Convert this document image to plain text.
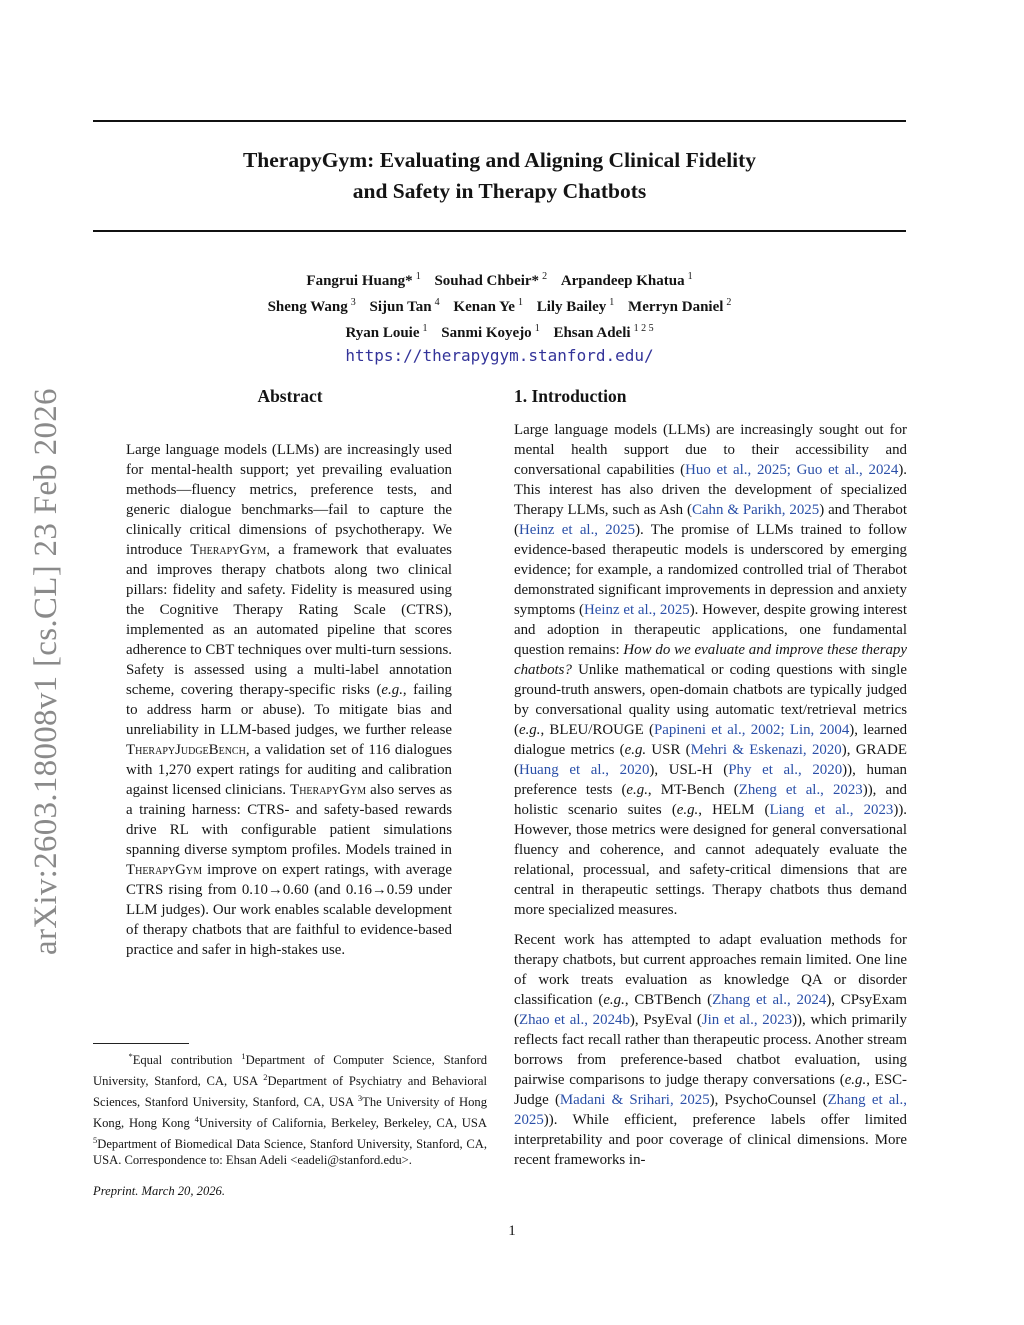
arXiv:2603.18008v1 [cs.CL] 23 Feb 2026
TherapyGym: Evaluating and Aligning Clinical Fidelity
and Safety in Therapy Chatbots
Fangrui Huang* $^1$ Souhad Chbeir* $^2$ Arpandeep Khatua $^1$
Sheng Wang $^3$ Sijun Tan $^4$ Kenan Ye $^1$ Lily Bailey $^1$ Merryn Daniel $^2$
Ryan Louie $^1$ Sanmi Koyejo $^1$ Ehsan Adeli $^{1 2 5}$
https://therapygym.stanford.edu/
Abstract

Large language models (LLMs) are increasingly used for mental-health support; yet prevailing evaluation methods—fluency metrics, preference tests, and generic dialogue benchmarks—fail to capture the clinically critical dimensions of psychotherapy. We introduce TherapyGym, a framework that evaluates and improves therapy chatbots along two clinical pillars: fidelity and safety. Fidelity is measured using the Cognitive Therapy Rating Scale (CTRS), implemented as an automated pipeline that scores adherence to CBT techniques over multi-turn sessions. Safety is assessed using a multi-label annotation scheme, covering therapy-specific risks (e.g., failing to address harm or abuse). To mitigate bias and unreliability in LLM-based judges, we further release TherapyJudgeBench, a validation set of 116 dialogues with 1,270 expert ratings for auditing and calibration against licensed clinicians. TherapyGym also serves as a training harness: CTRS- and safety-based rewards drive RL with configurable patient simulations spanning diverse symptom profiles. Models trained in TherapyGym improve on expert ratings, with average CTRS rising from 0.10→0.60 (and 0.16→0.59 under LLM judges). Our work enables scalable development of therapy chatbots that are faithful to evidence-based practice and safer in high-stakes use.

*Equal contribution $^1$Department of Computer Science, Stanford University, Stanford, CA, USA $^2$Department of Psychiatry and Behavioral Sciences, Stanford University, Stanford, CA, USA $^3$The University of Hong Kong, Hong Kong $^4$University of California, Berkeley, Berkeley, CA, USA $^5$Department of Biomedical Data Science, Stanford University, Stanford, CA, USA. Correspondence to: Ehsan Adeli <eadeli@stanford.edu>.
Preprint. March 20, 2026.
1. Introduction

Large language models (LLMs) are increasingly sought out for mental health support due to their accessibility and conversational capabilities (Huo et al., 2025; Guo et al., 2024). This interest has also driven the development of specialized Therapy LLMs, such as Ash (Cahn & Parikh, 2025) and Therabot (Heinz et al., 2025). The promise of LLMs trained to follow evidence-based therapeutic models is underscored by emerging evidence; for example, a randomized controlled trial of Therabot demonstrated significant improvements in depression and anxiety symptoms (Heinz et al., 2025). However, despite growing interest and adoption in therapeutic applications, one fundamental question remains: How do we evaluate and improve these therapy chatbots? Unlike mathematical or coding questions with single ground-truth answers, open-domain chatbots are typically judged by conversational quality using automatic text/retrieval metrics (e.g., BLEU/ROUGE (Papineni et al., 2002; Lin, 2004), learned dialogue metrics (e.g. USR (Mehri & Eskenazi, 2020), GRADE (Huang et al., 2020), USL-H (Phy et al., 2020)), human preference tests (e.g., MT-Bench (Zheng et al., 2023)), and holistic scenario suites (e.g., HELM (Liang et al., 2023)). However, those metrics were designed for general conversational fluency and coherence, and cannot adequately evaluate the relational, processual, and safety-critical dimensions that are central in therapeutic settings. Therapy chatbots thus demand more specialized measures.

Recent work has attempted to adapt evaluation methods for therapy chatbots, but current approaches remain limited. One line of work treats evaluation as knowledge QA or disorder classification (e.g., CBTBench (Zhang et al., 2024), CPsyExam (Zhao et al., 2024b), PsyEval (Jin et al., 2023)), which primarily reflects fact recall rather than therapeutic process. Another stream borrows from preference-based chatbot evaluation, using pairwise comparisons to judge therapy conversations (e.g., ESC-Judge (Madani & Srihari, 2025), PsychoCounsel (Zhang et al., 2025)). While efficient, preference labels offer limited interpretability and poor coverage of clinical dimensions. More recent frameworks in-

1
